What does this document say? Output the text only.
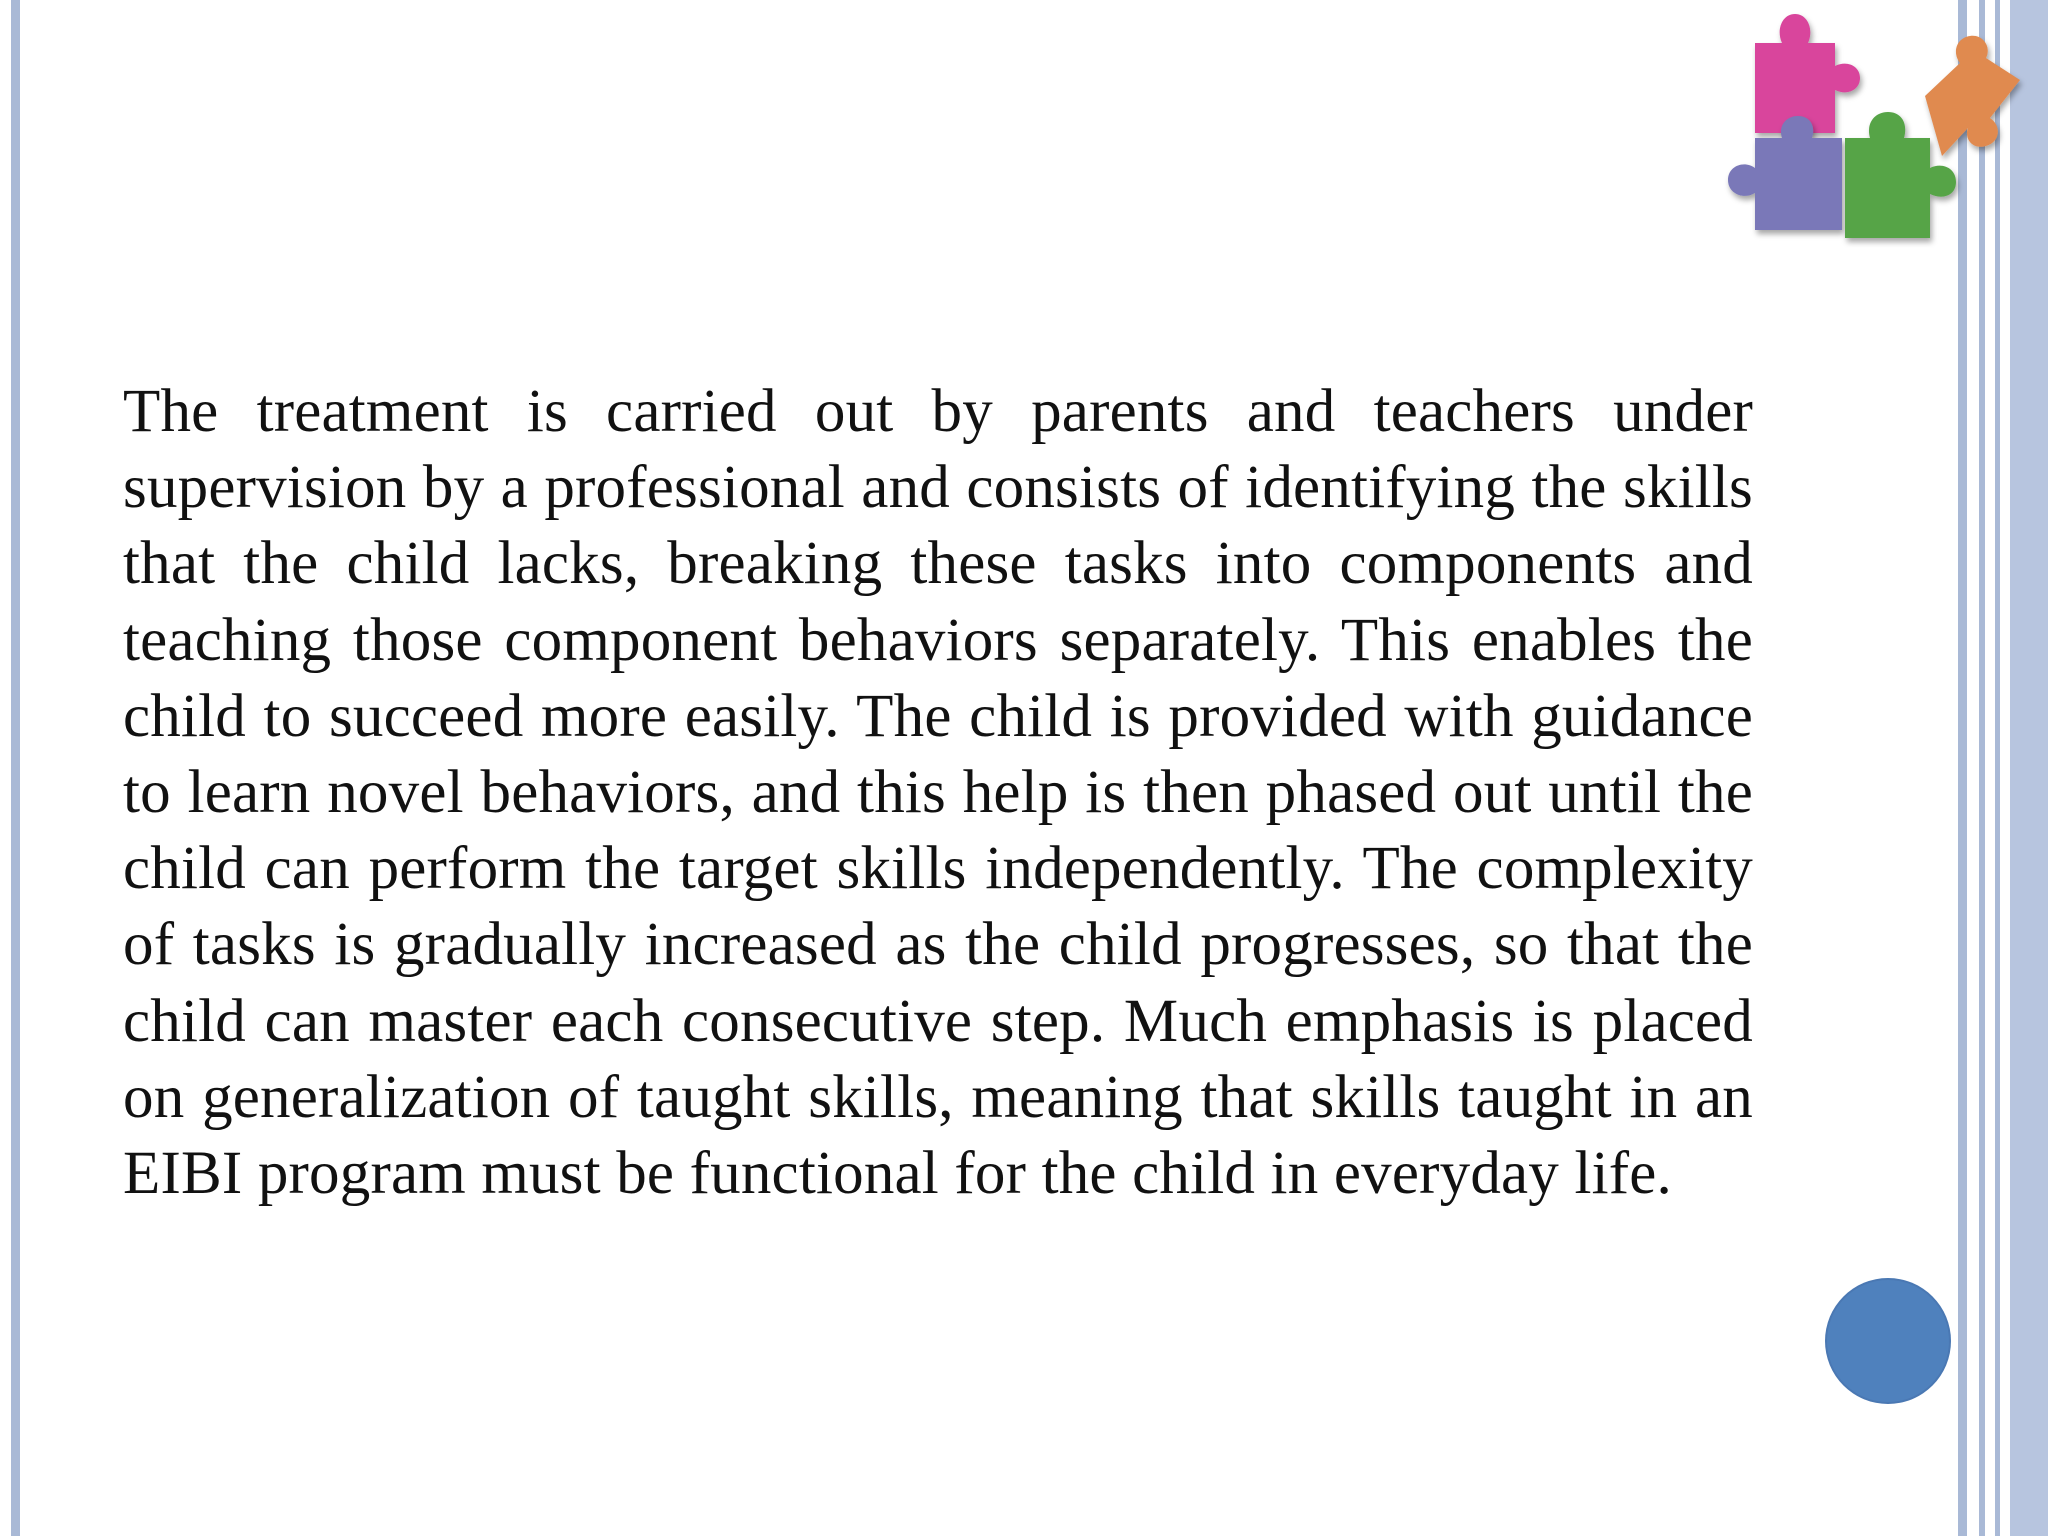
The treatment is carried out by parents and teachers under supervision by a professional and consists of identifying the skills that the child lacks, breaking these tasks into components and teaching those component behaviors separately. This enables the child to succeed more easily. The child is provided with guidance to learn novel behaviors, and this help is then phased out until the child can perform the target skills independently. The complexity of tasks is gradually increased as the child progresses, so that the child can master each consecutive step. Much emphasis is placed on generalization of taught skills, meaning that skills taught in an EIBI program must be functional for the child in everyday life.
